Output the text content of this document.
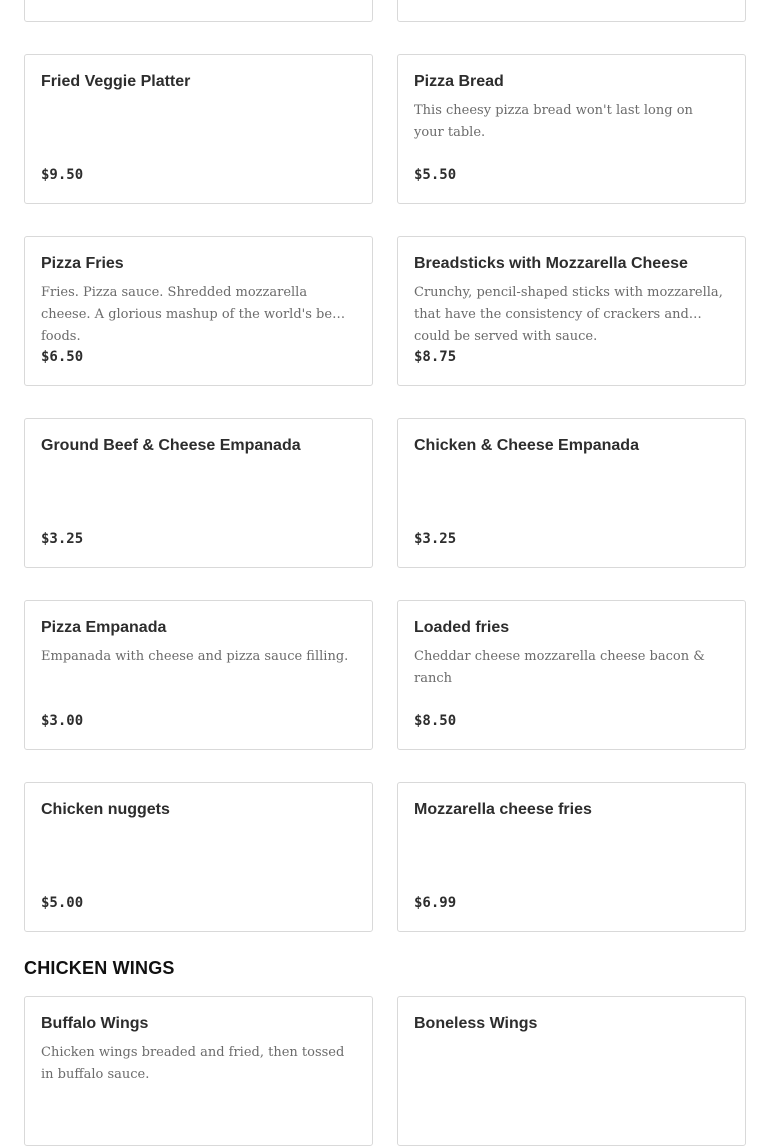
Fried Veggie Platter
$9.50
Pizza Bread
This cheesy pizza bread won't last long on your table.
$5.50
Pizza Fries
Fries. Pizza sauce. Shredded mozzarella cheese. A glorious mashup of the world's best foods.
$6.50
Breadsticks with Mozzarella Cheese
Crunchy, pencil-shaped sticks with mozzarella, that have the consistency of crackers and could be served with sauce.
$8.75
Ground Beef & Cheese Empanada
$3.25
Chicken & Cheese Empanada
$3.25
Pizza Empanada
Empanada with cheese and pizza sauce filling.
$3.00
Loaded fries
Cheddar cheese mozzarella cheese bacon & ranch
$8.50
Chicken nuggets
$5.00
Mozzarella cheese fries
$6.99
CHICKEN WINGS
Buffalo Wings
Chicken wings breaded and fried, then tossed in buffalo sauce.
Boneless Wings
